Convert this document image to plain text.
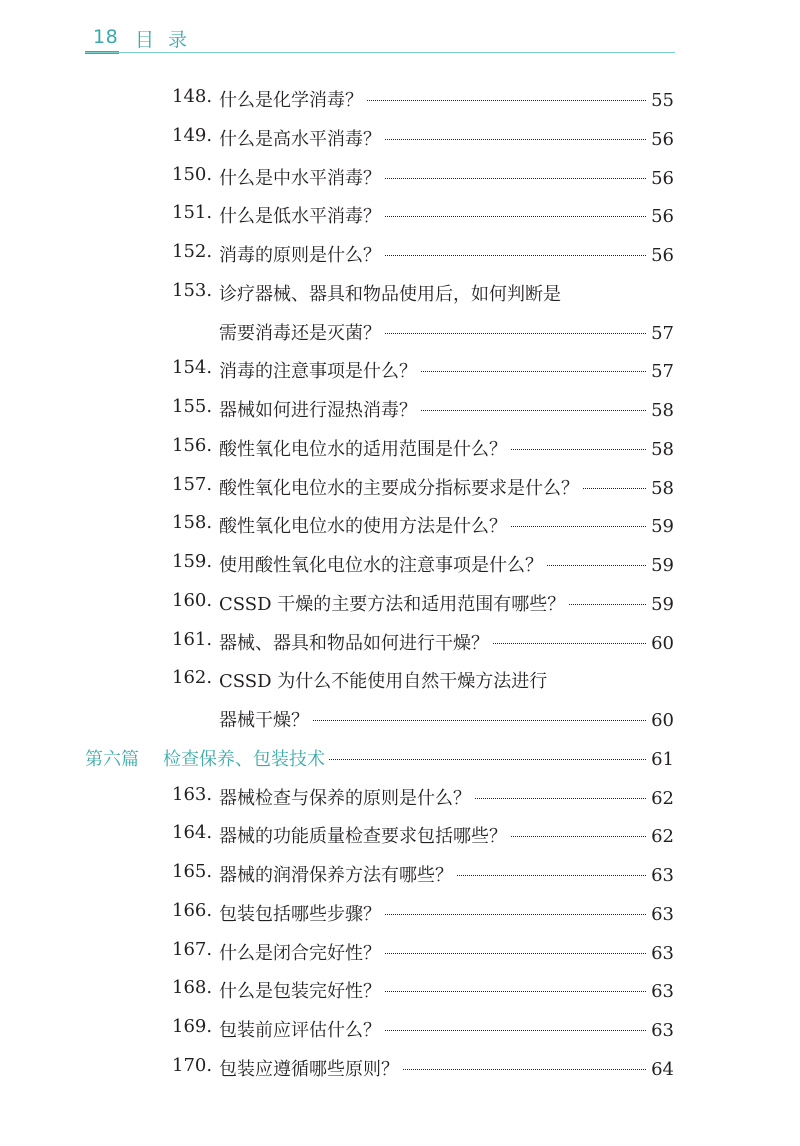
18 目录
148. 什么是化学消毒？	55
149. 什么是高水平消毒？	56
150. 什么是中水平消毒？	56
151. 什么是低水平消毒？	56
152. 消毒的原则是什么？	56
153. 诊疗器械、器具和物品使用后，如何判断是
需要消毒还是灭菌？	57
154. 消毒的注意事项是什么？	57
155. 器械如何进行湿热消毒？	58
156. 酸性氧化电位水的适用范围是什么？	58
157. 酸性氧化电位水的主要成分指标要求是什么？	58
158. 酸性氧化电位水的使用方法是什么？	59
159. 使用酸性氧化电位水的注意事项是什么？	59
160. CSSD 干燥的主要方法和适用范围有哪些？	59
161. 器械、器具和物品如何进行干燥？	60
162. CSSD 为什么不能使用自然干燥方法进行
器械干燥？	60
第六篇 检查保养、包装技术	61
163. 器械检查与保养的原则是什么？	62
164. 器械的功能质量检查要求包括哪些？	62
165. 器械的润滑保养方法有哪些？	63
166. 包装包括哪些步骤？	63
167. 什么是闭合完好性？	63
168. 什么是包装完好性？	63
169. 包装前应评估什么？	63
170. 包装应遵循哪些原则？	64
